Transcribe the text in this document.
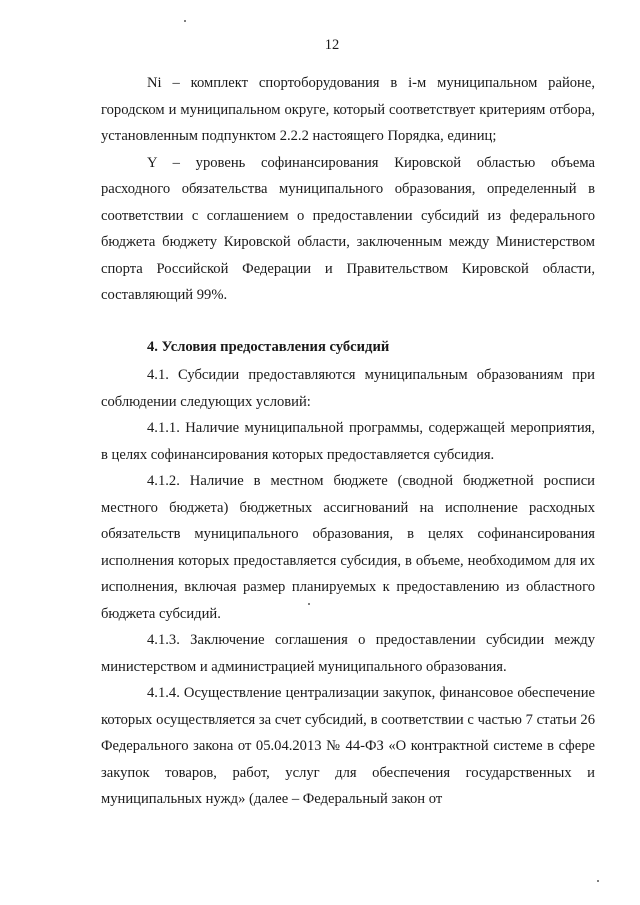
12

Ni – комплект спортоборудования в i-м муниципальном районе, городском и муниципальном округе, который соответствует критериям отбора, установленным подпунктом 2.2.2 настоящего Порядка, единиц;

Y – уровень софинансирования Кировской областью объема расходного обязательства муниципального образования, определенный в соответствии с соглашением о предоставлении субсидий из федерального бюджета бюджету Кировской области, заключенным между Министерством спорта Российской Федерации и Правительством Кировской области, составляющий 99%.

4. Условия предоставления субсидий

4.1. Субсидии предоставляются муниципальным образованиям при соблюдении следующих условий:

4.1.1. Наличие муниципальной программы, содержащей мероприятия, в целях софинансирования которых предоставляется субсидия.

4.1.2. Наличие в местном бюджете (сводной бюджетной росписи местного бюджета) бюджетных ассигнований на исполнение расходных обязательств муниципального образования, в целях софинансирования исполнения которых предоставляется субсидия, в объеме, необходимом для их исполнения, включая размер планируемых к предоставлению из областного бюджета субсидий.

4.1.3. Заключение соглашения о предоставлении субсидии между министерством и администрацией муниципального образования.

4.1.4. Осуществление централизации закупок, финансовое обеспечение которых осуществляется за счет субсидий, в соответствии с частью 7 статьи 26 Федерального закона от 05.04.2013 № 44-ФЗ «О контрактной системе в сфере закупок товаров, работ, услуг для обеспечения государственных и муниципальных нужд» (далее – Федеральный закон от
